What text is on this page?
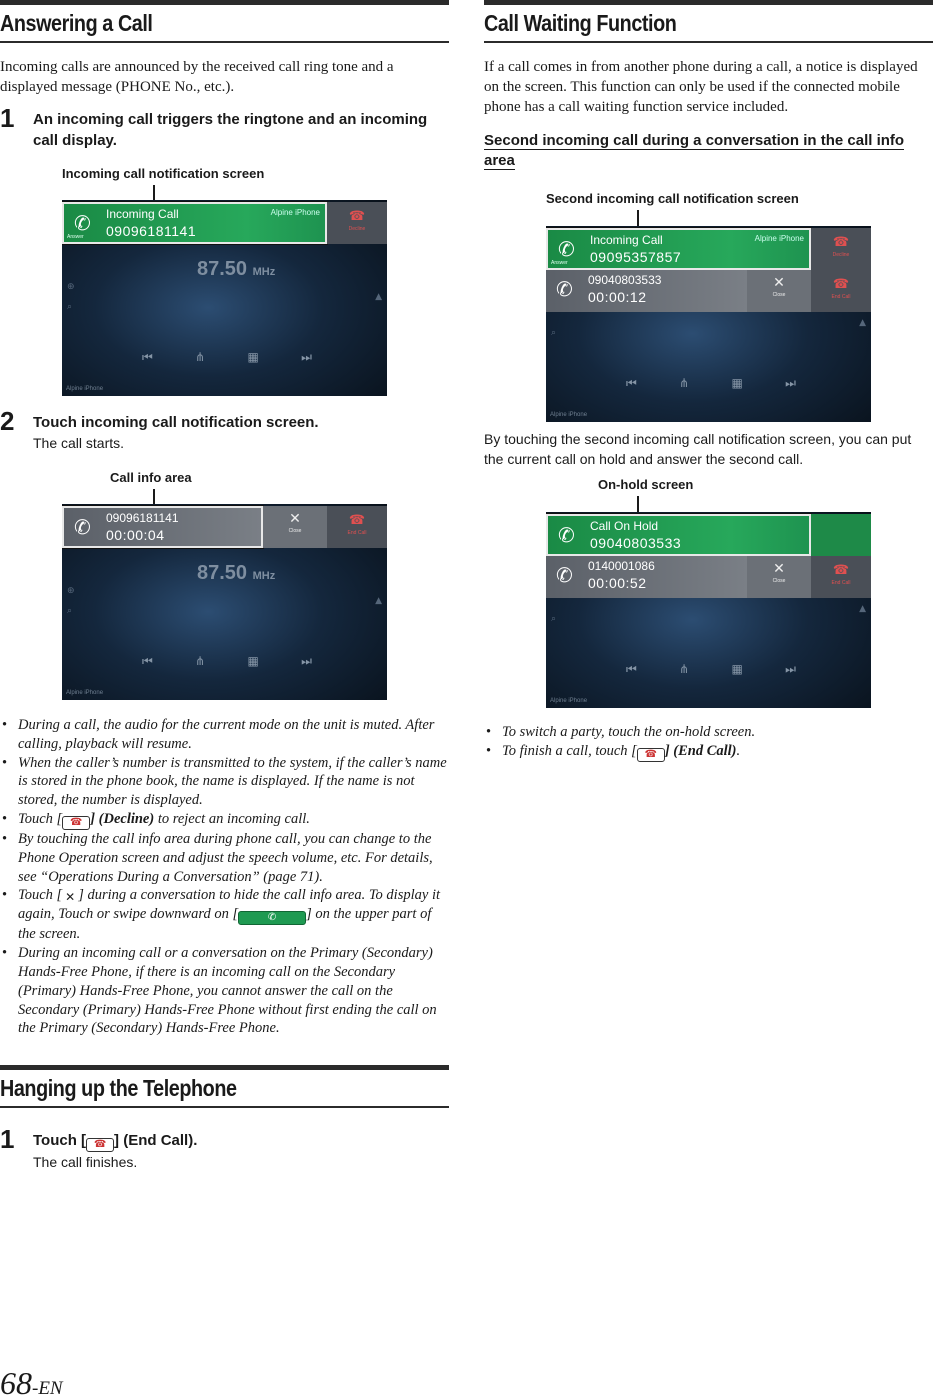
Answering a Call

Incoming calls are announced by the received call ring tone and a displayed message (PHONE No., etc.).

1 An incoming call triggers the ringtone and an incoming call display.
Incoming call notification screen
✆ Incoming Call
09096181141
Answer
Alpine iPhone	☎
Decline
⊕
⌕
▲
87.50 MHz
⏮	⋔	▦	⏭
Alpine iPhone
2 Touch incoming call notification screen.
The call starts.
Call info area
✆ 09096181141
00:00:04
✕
Close
☎
End Call
⊕
⌕
▲
87.50 MHz
⏮	⋔	▦	⏭
Alpine iPhone
• During a call, the audio for the current mode on the unit is muted. After calling, playback will resume.
• When the caller’s number is transmitted to the system, if the caller’s name is stored in the phone book, the name is displayed. If the name is not stored, the number is displayed.
• Touch [ ☎ ] (Decline) to reject an incoming call.
• By touching the call info area during phone call, you can change to the Phone Operation screen and adjust the speech volume, etc. For details, see “Operations During a Conversation” (page 71).
• Touch [ ✕ ] during a conversation to hide the call info area. To display it again, Touch or swipe downward on [	✆ ] on the upper part of the screen.
• During an incoming call or a conversation on the Primary (Secondary) Hands-Free Phone, if there is an incoming call on the Secondary (Primary) Hands-Free Phone, you cannot answer the call on the Secondary (Primary) Hands-Free Phone without first ending the call on the Primary (Secondary) Hands-Free Phone.
Hanging up the Telephone
1 Touch [ ☎ ] (End Call).
The call finishes.
Call Waiting Function

If a call comes in from another phone during a call, a notice is displayed on the screen. This function can only be used if the connected mobile phone has a call waiting function service included.

Second incoming call during a conversation in the call info area
Second incoming call notification screen
✆ Incoming Call
09095357857
Answer
Alpine iPhone	☎
Decline
✆ 09040803533
00:00:12
✕
Close
☎
End Call
⌕
▲
⏮	⋔	▦	⏭
Alpine iPhone

By touching the second incoming call notification screen, you can put the current call on hold and answer the second call.

On-hold screen
✆ Call On Hold
09040803533
✆ 0140001086
00:00:52
✕
Close
☎
End Call
⌕
▲
⏮	⋔	▦	⏭
Alpine iPhone
• To switch a party, touch the on-hold screen.
• To finish a call, touch [ ☎ ] (End Call).
68-EN
